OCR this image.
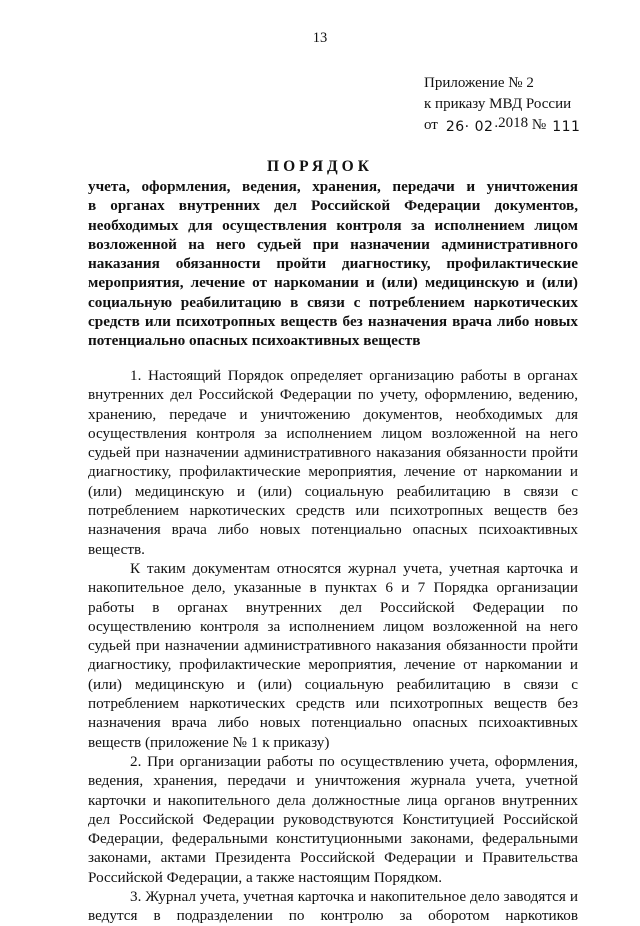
13
Приложение № 2
к приказу МВД России
от 26· 02.2018 № 111
ПОРЯДОК
учета, оформления, ведения, хранения, передачи и уничтожения
в органах внутренних дел Российской Федерации документов,
необходимых для осуществления контроля за исполнением лицом
возложенной на него судьей при назначении административного
наказания обязанности пройти диагностику, профилактические
мероприятия, лечение от наркомании и (или) медицинскую и (или)
социальную реабилитацию в связи с потреблением наркотических
средств или психотропных веществ без назначения врача либо новых
потенциально опасных психоактивных веществ
1. Настоящий Порядок определяет организацию работы в органах
внутренних дел Российской Федерации по учету, оформлению, ведению,
хранению, передаче и уничтожению документов, необходимых для
осуществления контроля за исполнением лицом возложенной на него
судьей при назначении административного наказания обязанности пройти
диагностику, профилактические мероприятия, лечение от наркомании и
(или) медицинскую и (или) социальную реабилитацию в связи с
потреблением наркотических средств или психотропных веществ без
назначения врача либо новых потенциально опасных психоактивных
веществ.
К таким документам относятся журнал учета, учетная карточка и
накопительное дело, указанные в пунктах 6 и 7 Порядка организации
работы в органах внутренних дел Российской Федерации по
осуществлению контроля за исполнением лицом возложенной на него
судьей при назначении административного наказания обязанности пройти
диагностику, профилактические мероприятия, лечение от наркомании и
(или) медицинскую и (или) социальную реабилитацию в связи с
потреблением наркотических средств или психотропных веществ без
назначения врача либо новых потенциально опасных психоактивных
веществ (приложение № 1 к приказу)
2. При организации работы по осуществлению учета, оформления,
ведения, хранения, передачи и уничтожения журнала учета, учетной
карточки и накопительного дела должностные лица органов внутренних
дел Российской Федерации руководствуются Конституцией Российской
Федерации, федеральными конституционными законами, федеральными
законами, актами Президента Российской Федерации и Правительства
Российской Федерации, а также настоящим Порядком.
3. Журнал учета, учетная карточка и накопительное дело заводятся и
ведутся в подразделении по контролю за оборотом наркотиков
